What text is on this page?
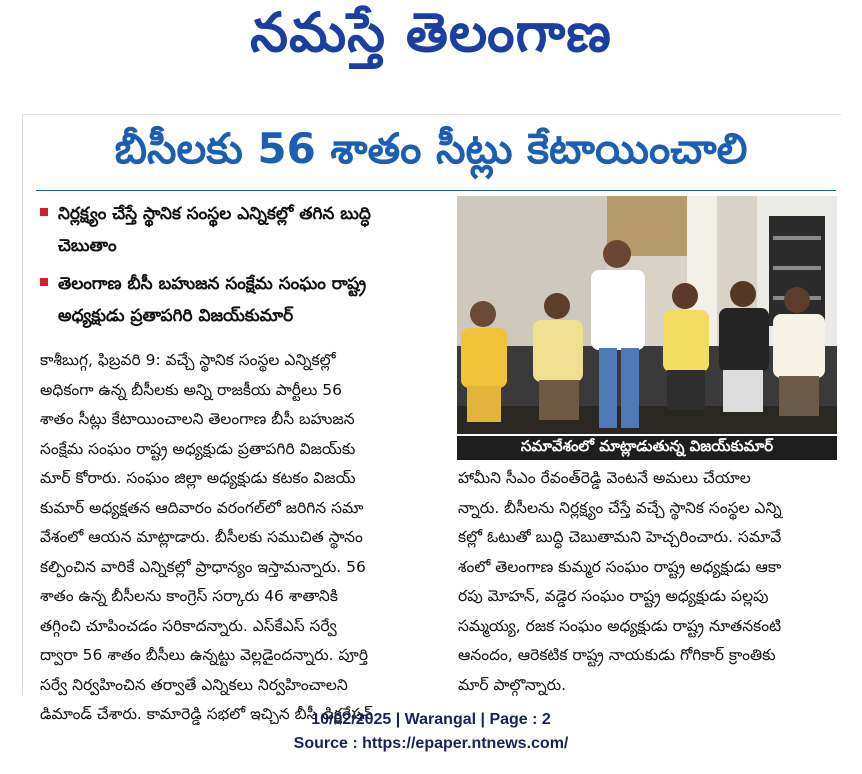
నమస్తే తెలంగాణ
బీసీలకు 56 శాతం సీట్లు కేటాయించాలి
నిర్లక్ష్యం చేస్తే స్థానిక సంస్థల ఎన్నికల్లో తగిన బుద్ధి చెబుతాం
తెలంగాణ బీసీ బహుజన సంక్షేమ సంఘం రాష్ట్ర అధ్యక్షుడు ప్రతాపగిరి విజయ్‌కుమార్
సమావేశంలో మాట్లాడుతున్న విజయ్‌కుమార్
కాశీబుగ్గ, ఫిబ్రవరి 9: వచ్చే స్థానిక సంస్థల ఎన్నికల్లో
అధికంగా ఉన్న బీసీలకు అన్ని రాజకీయ పార్టీలు 56
శాతం సీట్లు కేటాయించాలని తెలంగాణ బీసీ బహుజన
సంక్షేమ సంఘం రాష్ట్ర అధ్యక్షుడు ప్రతాపగిరి విజయ్‌కు
మార్ కోరారు. సంఘం జిల్లా అధ్యక్షుడు కటకం విజయ్
కుమార్ అధ్యక్షతన ఆదివారం వరంగల్‌లో జరిగిన సమా
వేశంలో ఆయన మాట్లాడారు. బీసీలకు సముచిత స్థానం
కల్పించిన వారికే ఎన్నికల్లో ప్రాధాన్యం ఇస్తామన్నారు. 56
శాతం ఉన్న బీసీలను కాంగ్రెస్ సర్కారు 46 శాతానికి
తగ్గించి చూపించడం సరికాదన్నారు. ఎస్‌కేఎస్ సర్వే
ద్వారా 56 శాతం బీసీలు ఉన్నట్టు వెల్లడైందన్నారు. పూర్తి
సర్వే నిర్వహించిన తర్వాతే ఎన్నికలు నిర్వహించాలని
డిమాండ్ చేశారు. కామారెడ్డి సభలో ఇచ్చిన బీసీ డిక్లరేషన్
హామీని సీఎం రేవంత్‌రెడ్డి వెంటనే అమలు చేయాల
న్నారు. బీసీలను నిర్లక్ష్యం చేస్తే వచ్చే స్థానిక సంస్థల ఎన్ని
కల్లో ఓటుతో బుద్ధి చెబుతామని హెచ్చరించారు. సమావే
శంలో తెలంగాణ కుమ్మర సంఘం రాష్ట్ర అధ్యక్షుడు ఆకా
రపు మోహన్, వడ్డెర సంఘం రాష్ట్ర అధ్యక్షుడు పల్లపు
సమ్మయ్య, రజక సంఘం అధ్యక్షుడు రాష్ట్ర నూతనకంటి
ఆనందం, ఆరెకటిక రాష్ట్ర నాయకుడు గోగికార్ క్రాంతికు
మార్ పాల్గొన్నారు.
10/02/2025 | Warangal | Page : 2
Source : https://epaper.ntnews.com/
